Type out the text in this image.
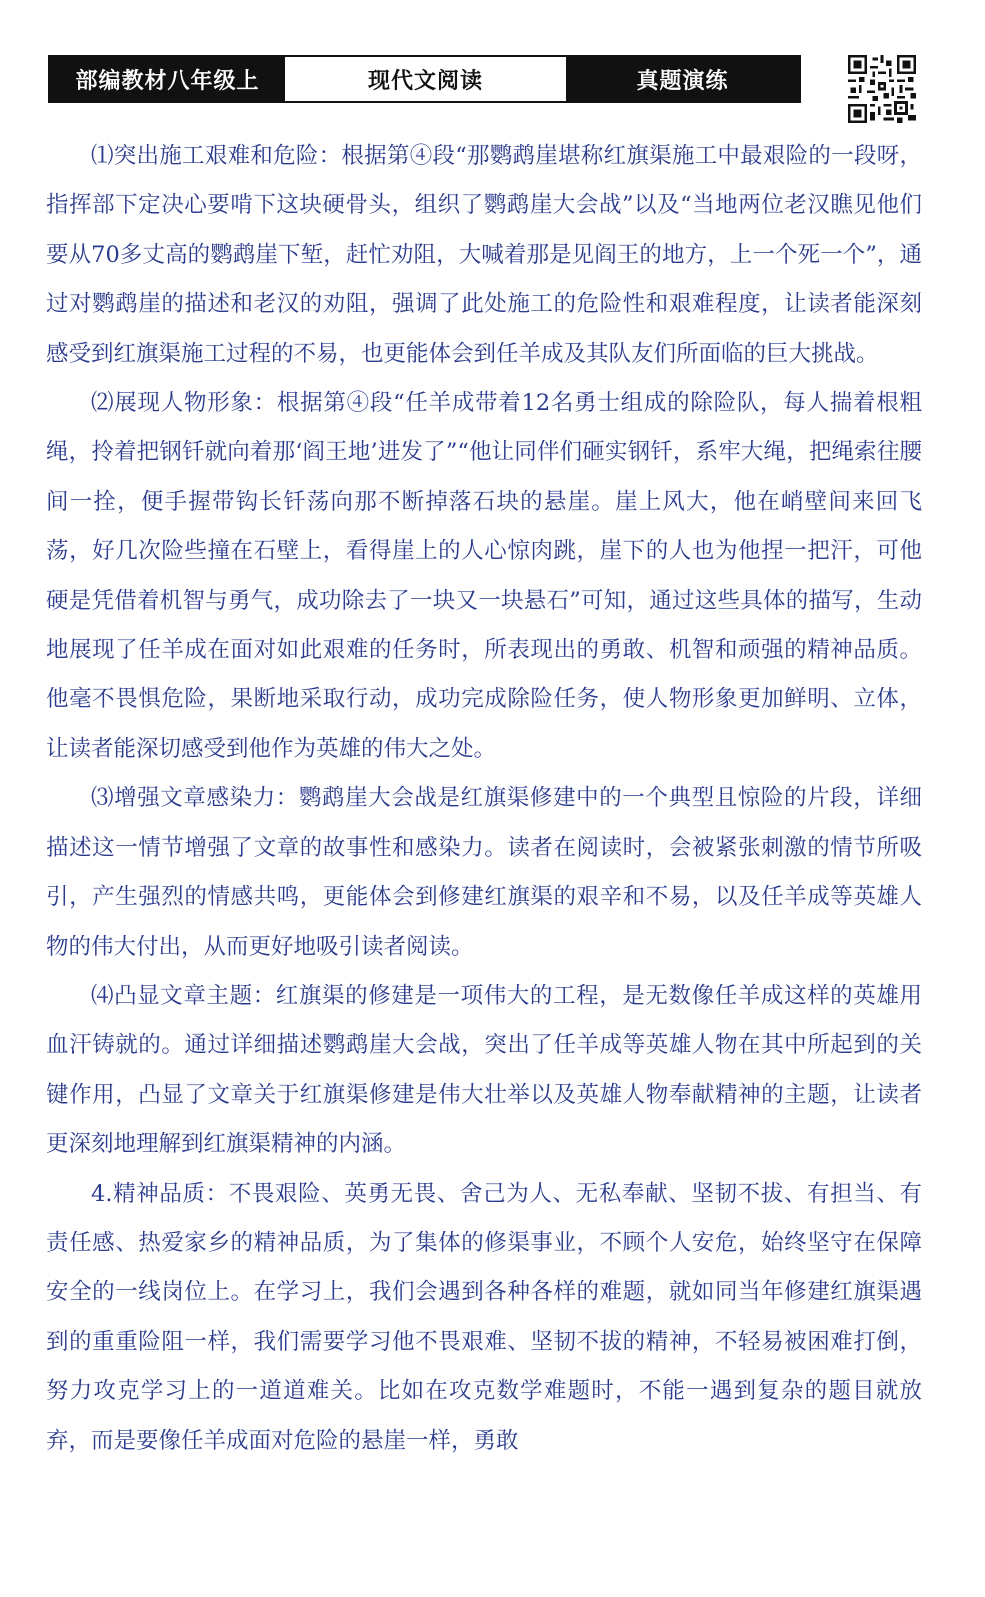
部编教材八年级上	现代文阅读	真题演练

⑴突出施工艰难和危险：根据第④段“那鹦鹉崖堪称红旗渠施工中最艰险的一段呀，指挥部下定决心要啃下这块硬骨头，组织了鹦鹉崖大会战”以及“当地两位老汉瞧见他们要从70多丈高的鹦鹉崖下堑，赶忙劝阻，大喊着那是见阎王的地方，上一个死一个”，通过对鹦鹉崖的描述和老汉的劝阻，强调了此处施工的危险性和艰难程度，让读者能深刻感受到红旗渠施工过程的不易，也更能体会到任羊成及其队友们所面临的巨大挑战。

⑵展现人物形象：根据第④段“任羊成带着12名勇士组成的除险队，每人揣着根粗绳，拎着把钢钎就向着那‘阎王地’进发了”“他让同伴们砸实钢钎，系牢大绳，把绳索往腰间一拴，便手握带钩长钎荡向那不断掉落石块的悬崖。崖上风大，他在峭壁间来回飞荡，好几次险些撞在石壁上，看得崖上的人心惊肉跳，崖下的人也为他捏一把汗，可他硬是凭借着机智与勇气，成功除去了一块又一块悬石”可知，通过这些具体的描写，生动地展现了任羊成在面对如此艰难的任务时，所表现出的勇敢、机智和顽强的精神品质。他毫不畏惧危险，果断地采取行动，成功完成除险任务，使人物形象更加鲜明、立体，让读者能深切感受到他作为英雄的伟大之处。

⑶增强文章感染力：鹦鹉崖大会战是红旗渠修建中的一个典型且惊险的片段，详细描述这一情节增强了文章的故事性和感染力。读者在阅读时，会被紧张刺激的情节所吸引，产生强烈的情感共鸣，更能体会到修建红旗渠的艰辛和不易，以及任羊成等英雄人物的伟大付出，从而更好地吸引读者阅读。

⑷凸显文章主题：红旗渠的修建是一项伟大的工程，是无数像任羊成这样的英雄用血汗铸就的。通过详细描述鹦鹉崖大会战，突出了任羊成等英雄人物在其中所起到的关键作用，凸显了文章关于红旗渠修建是伟大壮举以及英雄人物奉献精神的主题，让读者更深刻地理解到红旗渠精神的内涵。

4.精神品质：不畏艰险、英勇无畏、舍己为人、无私奉献、坚韧不拔、有担当、有责任感、热爱家乡的精神品质，为了集体的修渠事业，不顾个人安危，始终坚守在保障安全的一线岗位上。在学习上，我们会遇到各种各样的难题，就如同当年修建红旗渠遇到的重重险阻一样，我们需要学习他不畏艰难、坚韧不拔的精神，不轻易被困难打倒，努力攻克学习上的一道道难关。比如在攻克数学难题时，不能一遇到复杂的题目就放弃，而是要像任羊成面对危险的悬崖一样，勇敢
